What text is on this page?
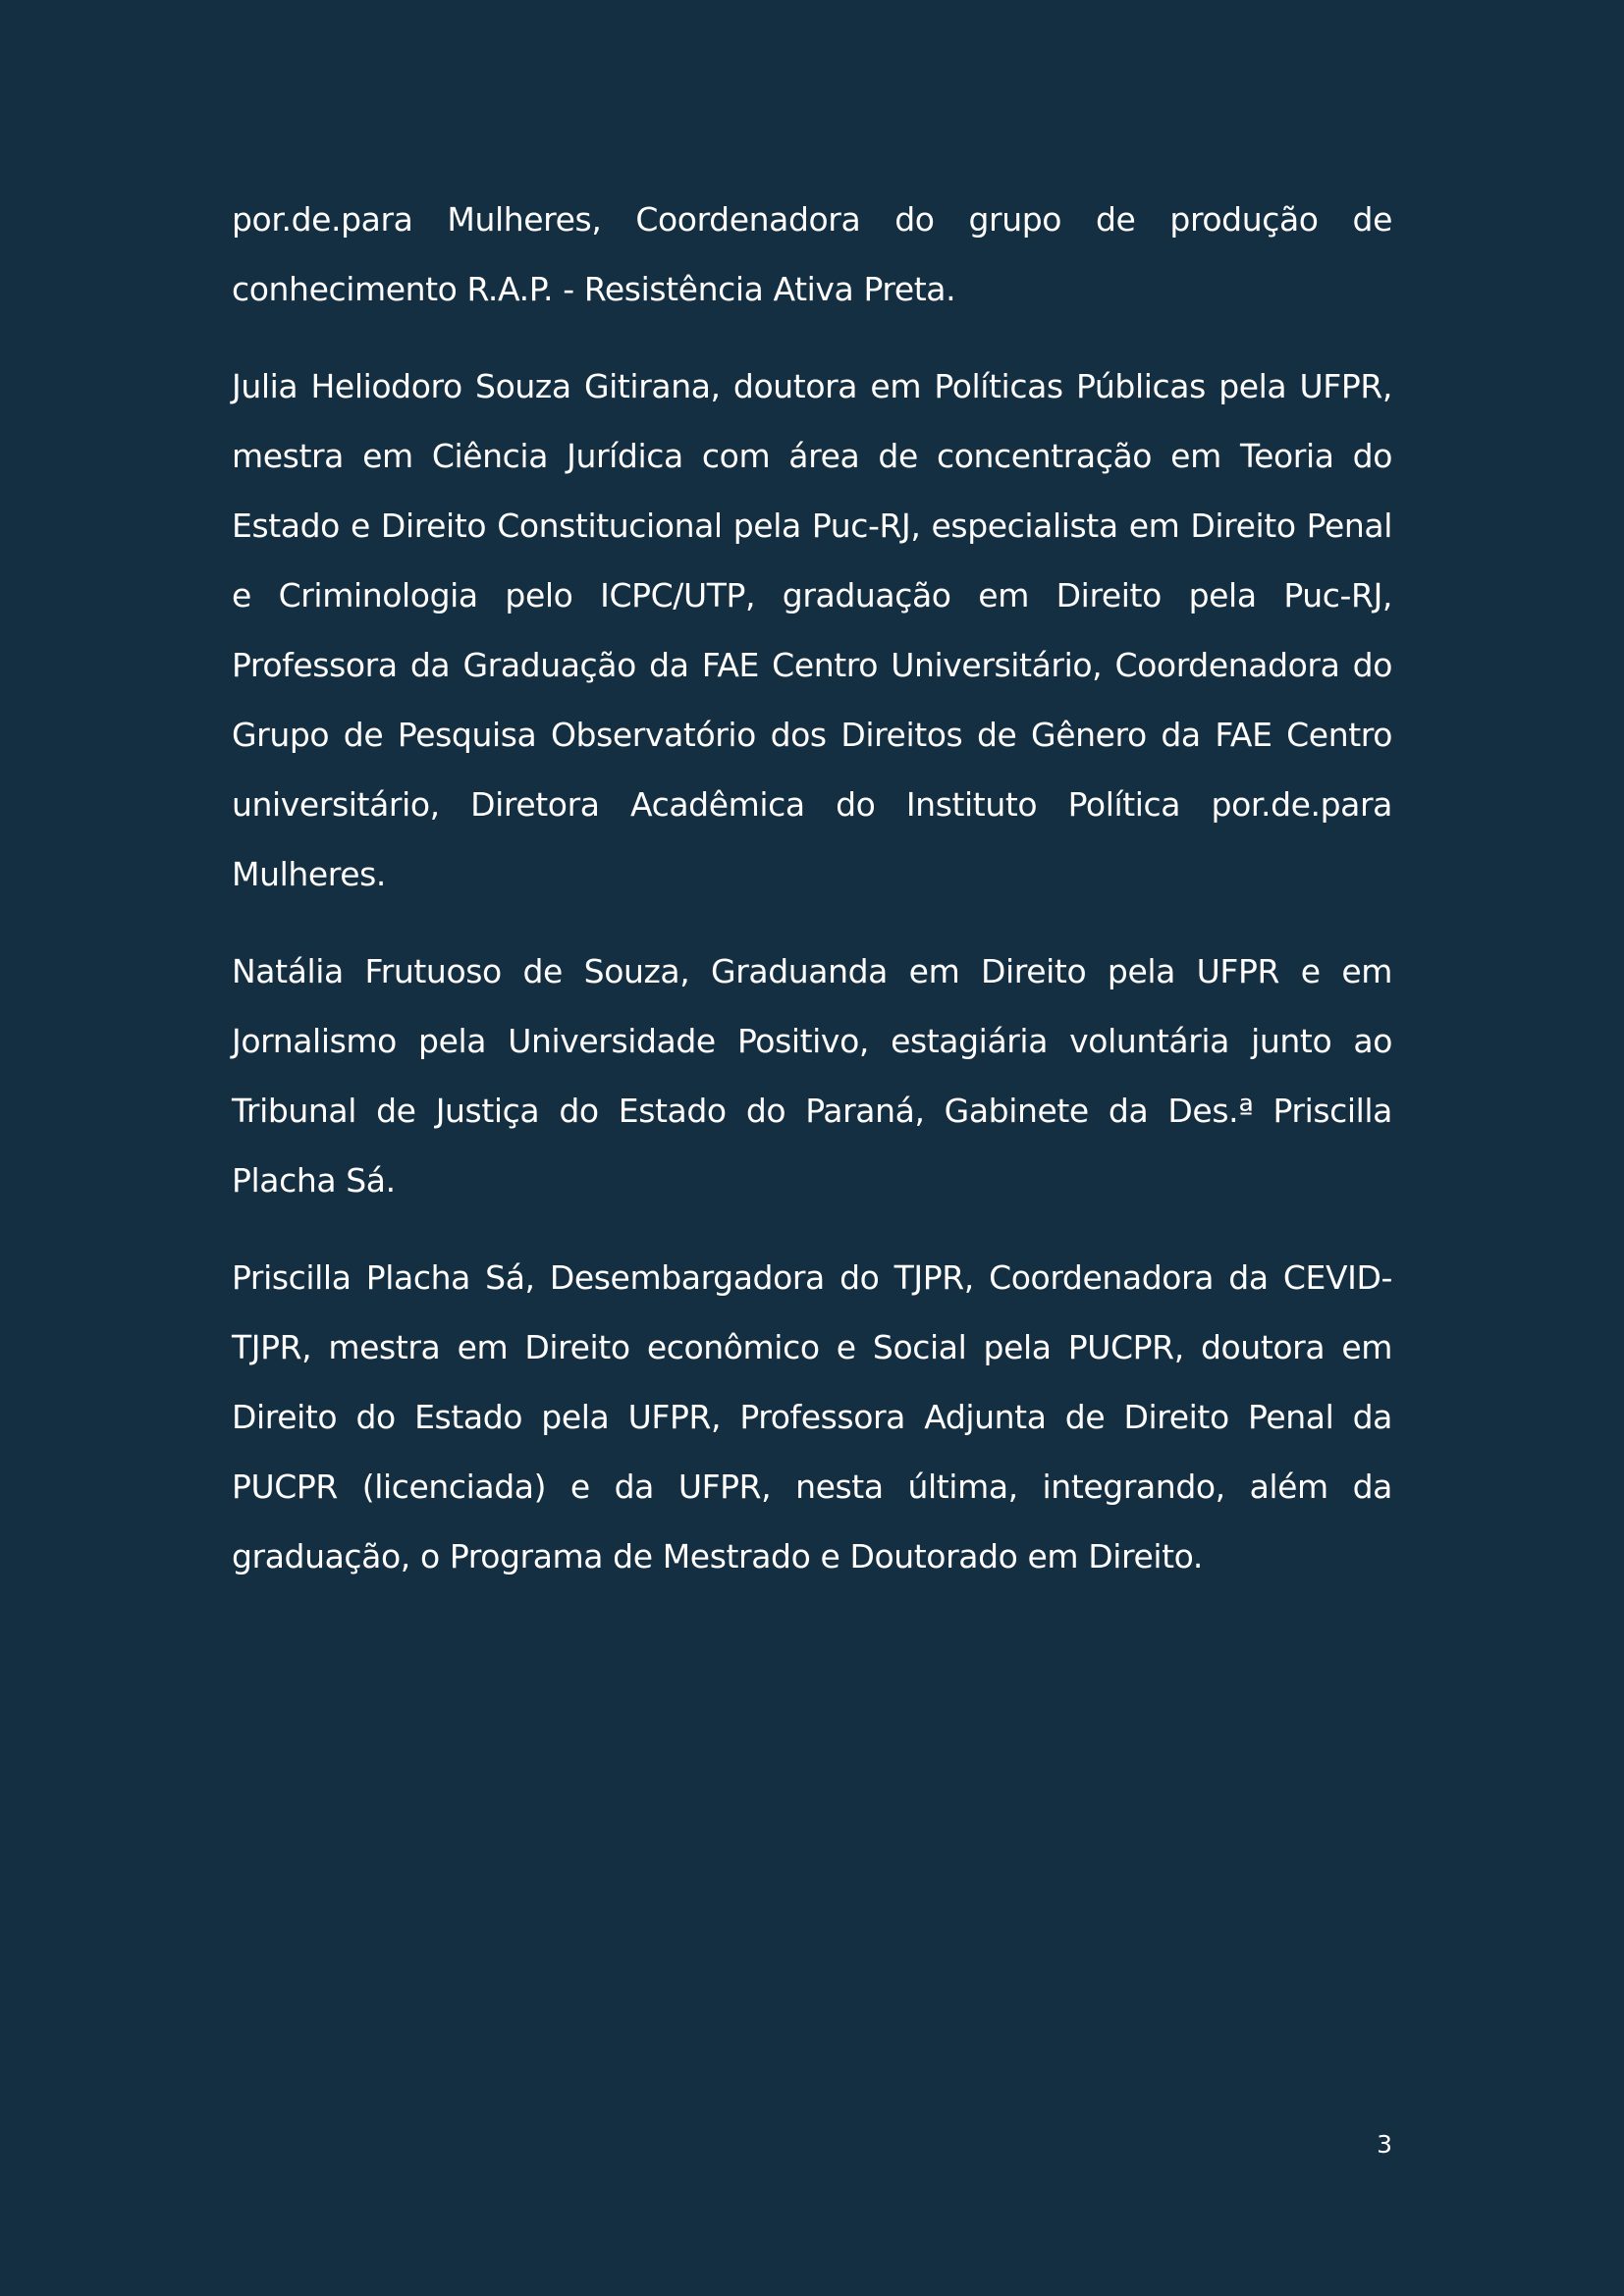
por.de.para Mulheres, Coordenadora do grupo de produção de conhecimento R.A.P. - Resistência Ativa Preta.

Julia Heliodoro Souza Gitirana, doutora em Políticas Públicas pela UFPR, mestra em Ciência Jurídica com área de concentração em Teoria do Estado e Direito Constitucional pela Puc-RJ, especialista em Direito Penal e Criminologia pelo ICPC/UTP, graduação em Direito pela Puc-RJ, Professora da Graduação da FAE Centro Universitário, Coordenadora do Grupo de Pesquisa Observatório dos Direitos de Gênero da FAE Centro universitário, Diretora Acadêmica do Instituto Política por.de.para Mulheres.

Natália Frutuoso de Souza, Graduanda em Direito pela UFPR e em Jornalismo pela Universidade Positivo, estagiária voluntária junto ao Tribunal de Justiça do Estado do Paraná, Gabinete da Des.ª Priscilla Placha Sá.

Priscilla Placha Sá, Desembargadora do TJPR, Coordenadora da CEVID-TJPR, mestra em Direito econômico e Social pela PUCPR, doutora em Direito do Estado pela UFPR, Professora Adjunta de Direito Penal da PUCPR (licenciada) e da UFPR, nesta última, integrando, além da graduação, o Programa de Mestrado e Doutorado em Direito.

3
